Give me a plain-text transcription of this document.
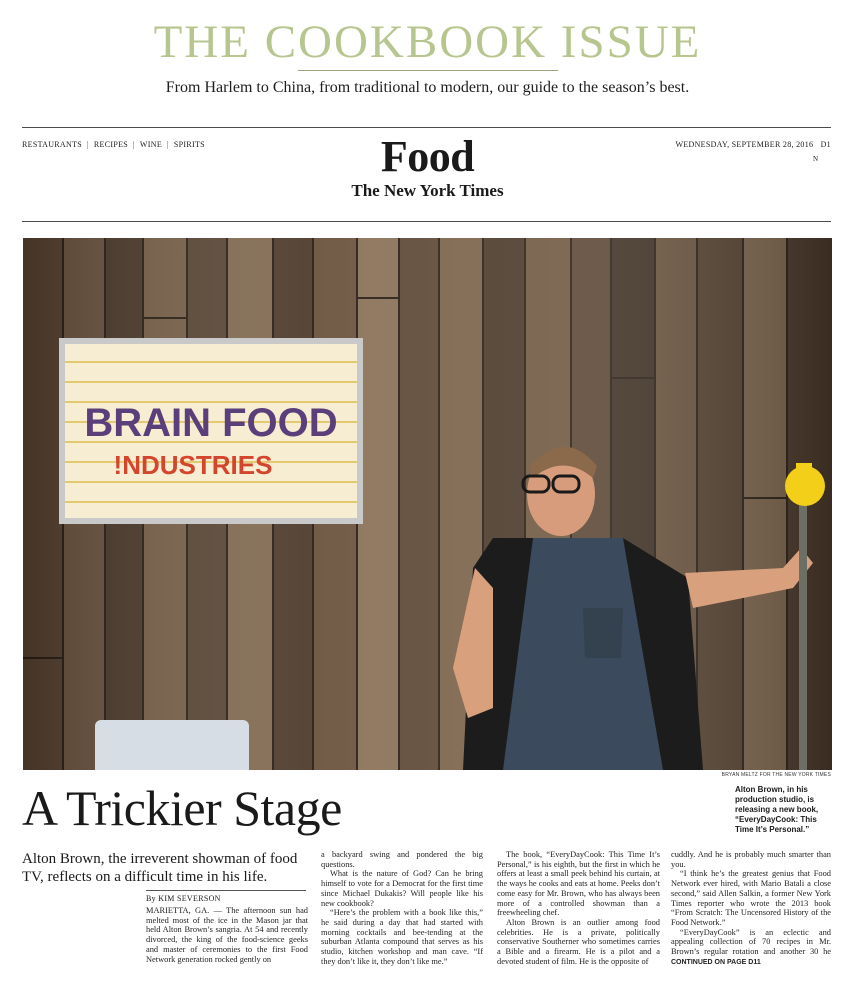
THE COOKBOOK ISSUE
From Harlem to China, from traditional to modern, our guide to the season’s best.
RESTAURANTS | RECIPES | WINE | SPIRITS	Food
The New York Times
WEDNESDAY, SEPTEMBER 28, 2016 D1
N
BRAIN FOOD
!NDUSTRIES
BRYAN MELTZ FOR THE NEW YORK TIMES
Alton Brown, in his production studio, is releasing a new book, “EveryDayCook: This Time It’s Personal.”
A Trickier Stage
Alton Brown, the irreverent showman of food TV, reflects on a difficult time in his life.
By KIM SEVERSON

MARIETTA, GA. — The afternoon sun had melted most of the ice in the Mason jar that held Alton Brown’s sangria. At 54 and recently divorced, the king of the food-science geeks and master of ceremonies to the first Food Network generation rocked gently on

a backyard swing and pondered the big questions.

What is the nature of God? Can he bring himself to vote for a Democrat for the first time since Michael Dukakis? Will people like his new cookbook?

“Here’s the problem with a book like this,” he said during a day that had started with morning cocktails and bee-tending at the suburban Atlanta compound that serves as his studio, kitchen workshop and man cave. “If they don’t like it, they don’t like me.”

The book, “EveryDayCook: This Time It’s Personal,” is his eighth, but the first in which he offers at least a small peek behind his curtain, at the ways he cooks and eats at home. Peeks don’t come easy for Mr. Brown, who has always been more of a controlled showman than a freewheeling chef.

Alton Brown is an outlier among food celebrities. He is a private, politically conservative Southerner who sometimes carries a Bible and a firearm. He is a pilot and a devoted student of film. He is the opposite of

cuddly. And he is probably much smarter than you.

“I think he’s the greatest genius that Food Network ever hired, with Mario Batali a close second,” said Allen Salkin, a former New York Times reporter who wrote the 2013 book “From Scratch: The Uncensored History of the Food Network.”

“EveryDayCook” is an eclectic and appealing collection of 70 recipes in Mr. Brown’s regular rotation and another 30 he CONTINUED ON PAGE D11
